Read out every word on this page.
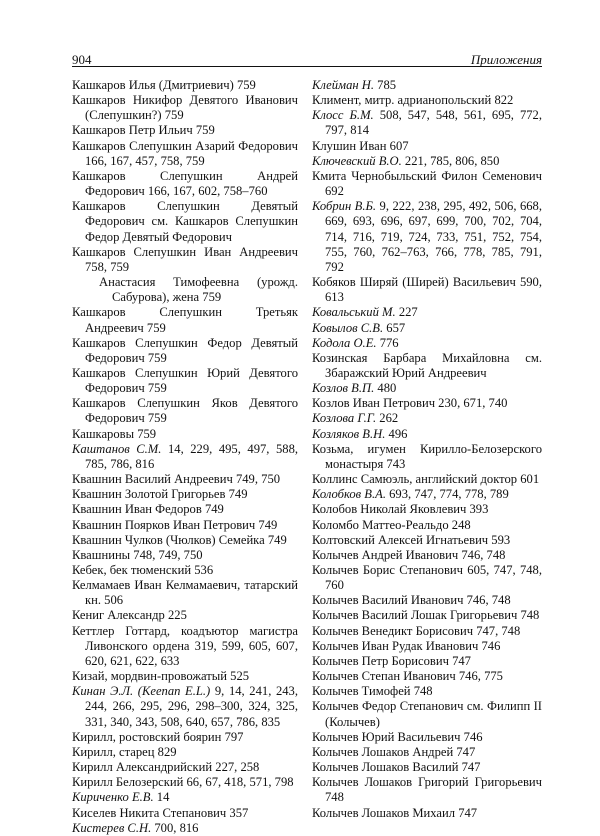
904	Приложения

Кашкаров Илья (Дмитриевич) 759

Кашкаров Никифор Девятого Иванович (Слепушкин?) 759

Кашкаров Петр Ильич 759

Кашкаров Слепушкин Азарий Федорович 166, 167, 457, 758, 759

Кашкаров Слепушкин Андрей Федорович 166, 167, 602, 758–760

Кашкаров Слепушкин Девятый Федорович см. Кашкаров Слепушкин Федор Девятый Федорович

Кашкаров Слепушкин Иван Андреевич 758, 759

Анастасия Тимофеевна (урожд. Сабурова), жена 759

Кашкаров Слепушкин Третьяк Андреевич 759

Кашкаров Слепушкин Федор Девятый Федорович 759

Кашкаров Слепушкин Юрий Девятого Федорович 759

Кашкаров Слепушкин Яков Девятого Федорович 759

Кашкаровы 759

Каштанов С.М. 14, 229, 495, 497, 588, 785, 786, 816

Квашнин Василий Андреевич 749, 750

Квашнин Золотой Григорьев 749

Квашнин Иван Федоров 749

Квашнин Поярков Иван Петрович 749

Квашнин Чулков (Чюлков) Семейка 749

Квашнины 748, 749, 750

Кебек, бек тюменский 536

Келмамаев Иван Келмамаевич, татарский кн. 506

Кениг Александр 225

Кеттлер Готтард, коадъютор магистра Ливонского ордена 319, 599, 605, 607, 620, 621, 622, 633

Кизай, мордвин-провожатый 525

Кинан Э.Л. (Keenan E.L.) 9, 14, 241, 243, 244, 266, 295, 296, 298–300, 324, 325, 331, 340, 343, 508, 640, 657, 786, 835

Кирилл, ростовский боярин 797

Кирилл, старец 829

Кирилл Александрийский 227, 258

Кирилл Белозерский 66, 67, 418, 571, 798

Кириченко Е.В. 14

Киселев Никита Степанович 357

Кистерев С.Н. 700, 816

Клейман Н. 785

Климент, митр. адрианопольский 822

Клосс Б.М. 508, 547, 548, 561, 695, 772, 797, 814

Клушин Иван 607

Ключевский В.О. 221, 785, 806, 850

Кмита Чернобыльский Филон Семенович 692

Кобрин В.Б. 9, 222, 238, 295, 492, 506, 668, 669, 693, 696, 697, 699, 700, 702, 704, 714, 716, 719, 724, 733, 751, 752, 754, 755, 760, 762–763, 766, 778, 785, 791, 792

Кобяков Ширяй (Ширей) Васильевич 590, 613

Ковальський М. 227

Ковылов С.В. 657

Кодола О.Е. 776

Козинская Барбара Михайловна см. Збаражский Юрий Андреевич

Козлов В.П. 480

Козлов Иван Петрович 230, 671, 740

Козлова Г.Г. 262

Козляков В.Н. 496

Козьма, игумен Кирилло-Белозерского монастыря 743

Коллинс Самюэль, английский доктор 601

Колобков В.А. 693, 747, 774, 778, 789

Колобов Николай Яковлевич 393

Коломбо Маттео-Реальдо 248

Колтовский Алексей Игнатьевич 593

Колычев Андрей Иванович 746, 748

Колычев Борис Степанович 605, 747, 748, 760

Колычев Василий Иванович 746, 748

Колычев Василий Лошак Григорьевич 748

Колычев Венедикт Борисович 747, 748

Колычев Иван Рудак Иванович 746

Колычев Петр Борисович 747

Колычев Степан Иванович 746, 775

Колычев Тимофей 748

Колычев Федор Степанович см. Филипп II (Колычев)

Колычев Юрий Васильевич 746

Колычев Лошаков Андрей 747

Колычев Лошаков Василий 747

Колычев Лошаков Григорий Григорьевич 748

Колычев Лошаков Михаил 747
